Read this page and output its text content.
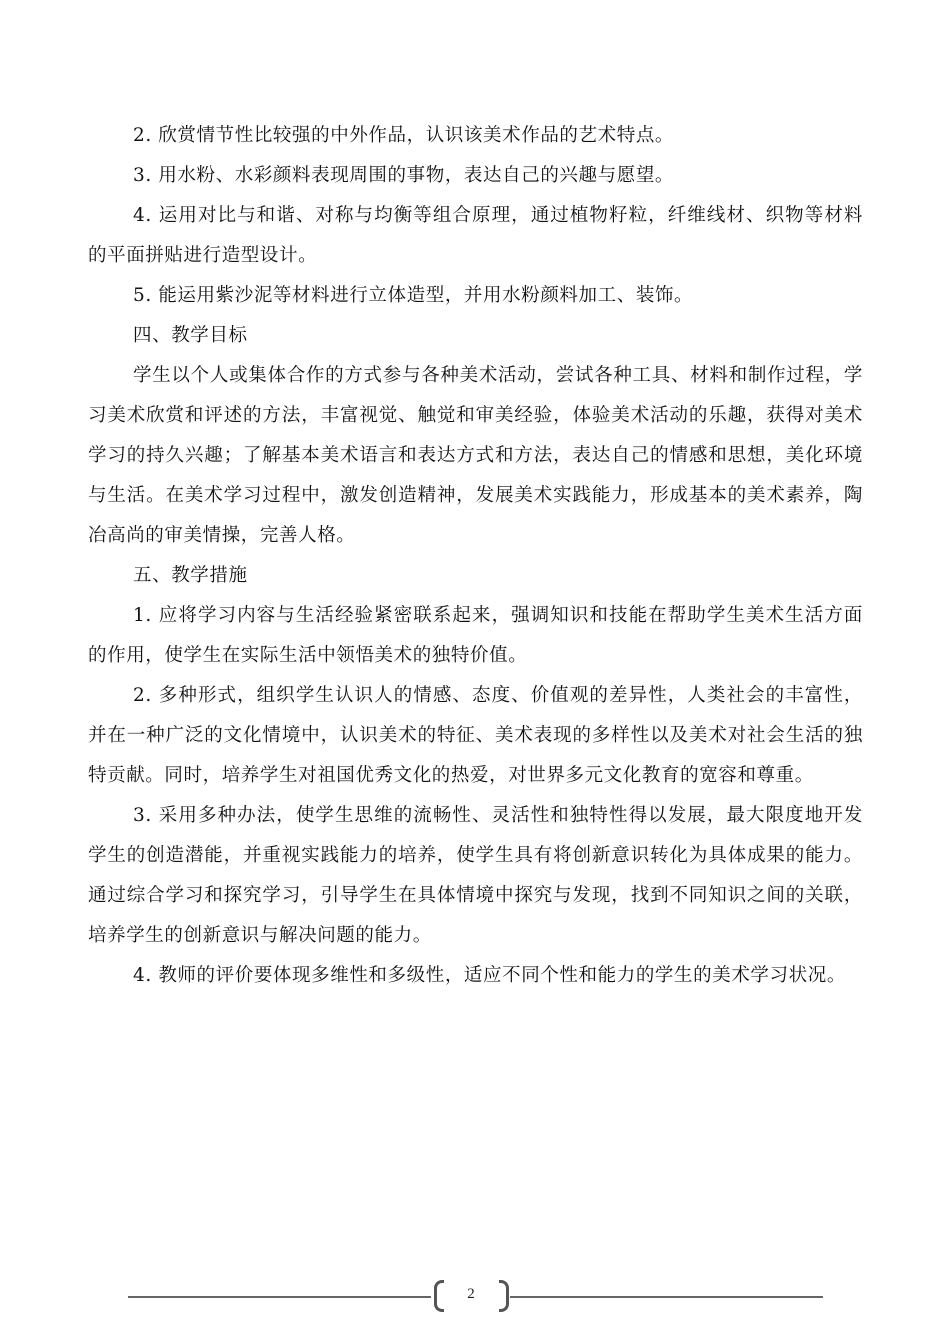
2. 欣赏情节性比较强的中外作品，认识该美术作品的艺术特点。

3. 用水粉、水彩颜料表现周围的事物，表达自己的兴趣与愿望。

4. 运用对比与和谐、对称与均衡等组合原理，通过植物籽粒，纤维线材、织物等材料的平面拼贴进行造型设计。

5. 能运用紫沙泥等材料进行立体造型，并用水粉颜料加工、装饰。

四、教学目标

学生以个人或集体合作的方式参与各种美术活动，尝试各种工具、材料和制作过程，学习美术欣赏和评述的方法，丰富视觉、触觉和审美经验，体验美术活动的乐趣，获得对美术学习的持久兴趣；了解基本美术语言和表达方式和方法，表达自己的情感和思想，美化环境与生活。在美术学习过程中，激发创造精神，发展美术实践能力，形成基本的美术素养，陶冶高尚的审美情操，完善人格。

五、教学措施

1. 应将学习内容与生活经验紧密联系起来，强调知识和技能在帮助学生美术生活方面的作用，使学生在实际生活中领悟美术的独特价值。

2. 多种形式，组织学生认识人的情感、态度、价值观的差异性，人类社会的丰富性，并在一种广泛的文化情境中，认识美术的特征、美术表现的多样性以及美术对社会生活的独特贡献。同时，培养学生对祖国优秀文化的热爱，对世界多元文化教育的宽容和尊重。

3. 采用多种办法，使学生思维的流畅性、灵活性和独特性得以发展，最大限度地开发学生的创造潜能，并重视实践能力的培养，使学生具有将创新意识转化为具体成果的能力。通过综合学习和探究学习，引导学生在具体情境中探究与发现，找到不同知识之间的关联，培养学生的创新意识与解决问题的能力。

4. 教师的评价要体现多维性和多级性，适应不同个性和能力的学生的美术学习状况。

2
